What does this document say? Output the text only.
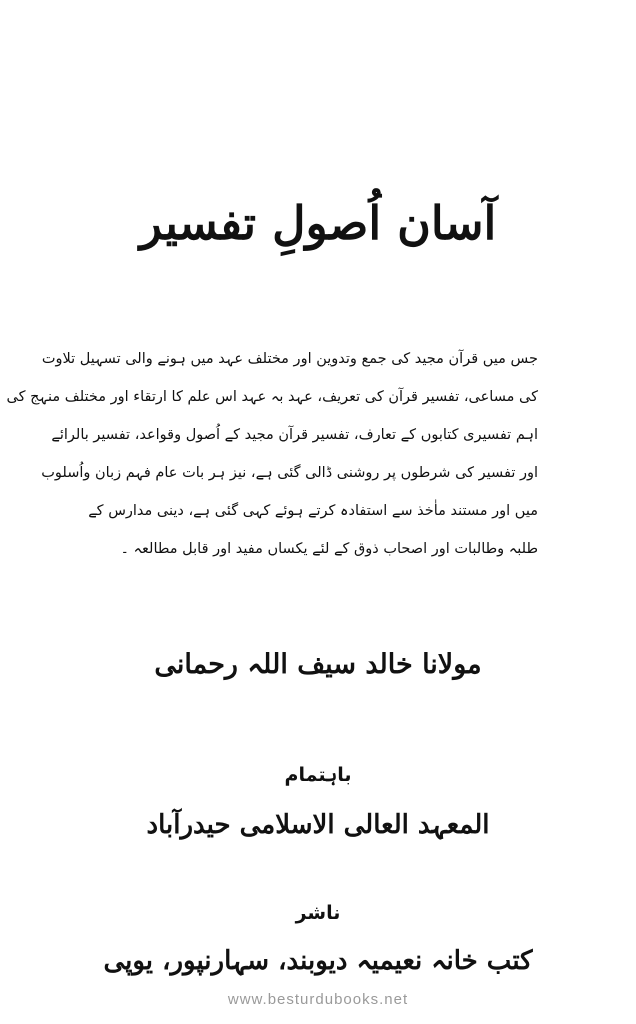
آسان اُصولِ تفسیر
جس میں قرآن مجید کی جمع وتدوین اور مختلف عہد میں ہونے والی تسہیل تلاوت
کی مساعی، تفسیر قرآن کی تعریف، عہد بہ عہد اس علم کا ارتقاء اور مختلف منہج کی
اہم تفسیری کتابوں کے تعارف، تفسیر قرآن مجید کے اُصول وقواعد، تفسیر بالرائے
اور تفسیر کی شرطوں پر روشنی ڈالی گئی ہے، نیز ہر بات عام فہم زبان واُسلوب
میں اور مستند ماٰخذ سے استفادہ کرتے ہوئے کہی گئی ہے، دینی مدارس کے
طلبہ وطالبات اور اصحاب ذوق کے لئے یکساں مفید اور قابل مطالعہ ۔
مولانا خالد سیف اللہ رحمانی
باہتمام
المعہد العالی الاسلامی حیدرآباد
ناشر
کتب خانہ نعیمیہ دیوبند، سہارنپور، یوپی
www.besturdubooks.net
